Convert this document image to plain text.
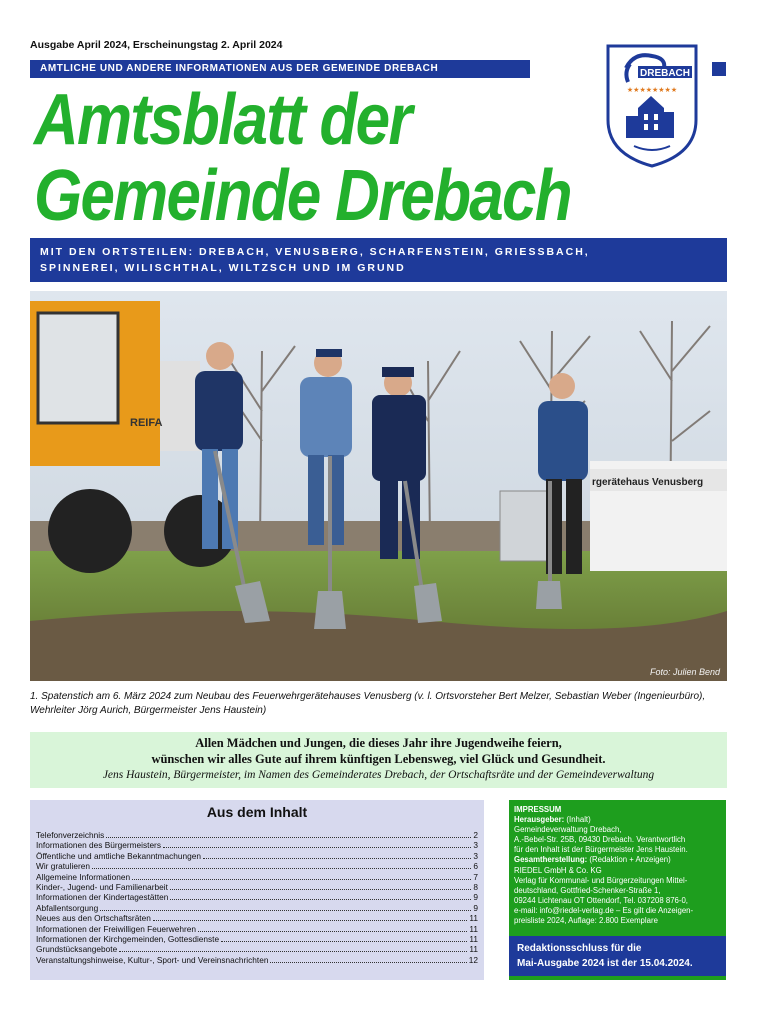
Ausgabe April 2024, Erscheinungstag 2. April 2024
AMTLICHE UND ANDERE INFORMATIONEN AUS DER GEMEINDE DREBACH
Amtsblatt der
Gemeinde Drebach
DREBACH
★★★★★★★★
MIT DEN ORTSTEILEN: DREBACH, VENUSBERG, SCHARFENSTEIN, GRIESSBACH,
SPINNEREI, WILISCHTHAL, WILTZSCH UND IM GRUND
rgerätehaus Venusberg
REIFA
Foto: Julien Bend
1. Spatenstich am 6. März 2024 zum Neubau des Feuerwehrgerätehauses Venusberg (v. l. Ortsvorsteher Bert Melzer, Sebastian Weber (Ingenieurbüro), Wehrleiter Jörg Aurich, Bürgermeister Jens Haustein)
Allen Mädchen und Jungen, die dieses Jahr ihre Jugendweihe feiern,
wünschen wir alles Gute auf ihrem künftigen Lebensweg, viel Glück und Gesundheit.
Jens Haustein, Bürgermeister, im Namen des Gemeinderates Drebach, der Ortschaftsräte und der Gemeindeverwaltung
Aus dem Inhalt
Telefonverzeichnis	2
Informationen des Bürgermeisters	3
Öffentliche und amtliche Bekanntmachungen	3
Wir gratulieren	6
Allgemeine Informationen	7
Kinder-, Jugend- und Familienarbeit	8
Informationen der Kindertagestätten	9
Abfallentsorgung	9
Neues aus den Ortschaftsräten	11
Informationen der Freiwilligen Feuerwehren	11
Informationen der Kirchgemeinden, Gottesdienste	11
Grundstücksangebote	11
Veranstaltungshinweise, Kultur-, Sport- und Vereinsnachrichten	12
IMPRESSUM
Herausgeber: (Inhalt)
Gemeindeverwaltung Drebach,
A.-Bebel-Str. 25B, 09430 Drebach. Verantwortlich
für den Inhalt ist der Bürgermeister Jens Haustein.
Gesamtherstellung: (Redaktion + Anzeigen)
RIEDEL GmbH & Co. KG
Verlag für Kommunal- und Bürgerzeitungen Mittel-
deutschland, Gottfried-Schenker-Straße 1,
09244 Lichtenau OT Ottendorf, Tel. 037208 876-0,
e-mail: info@riedel-verlag.de – Es gilt die Anzeigen-
preisliste 2024, Auflage: 2.800 Exemplare
Redaktionsschluss für die
Mai-Ausgabe 2024 ist der 15.04.2024.
